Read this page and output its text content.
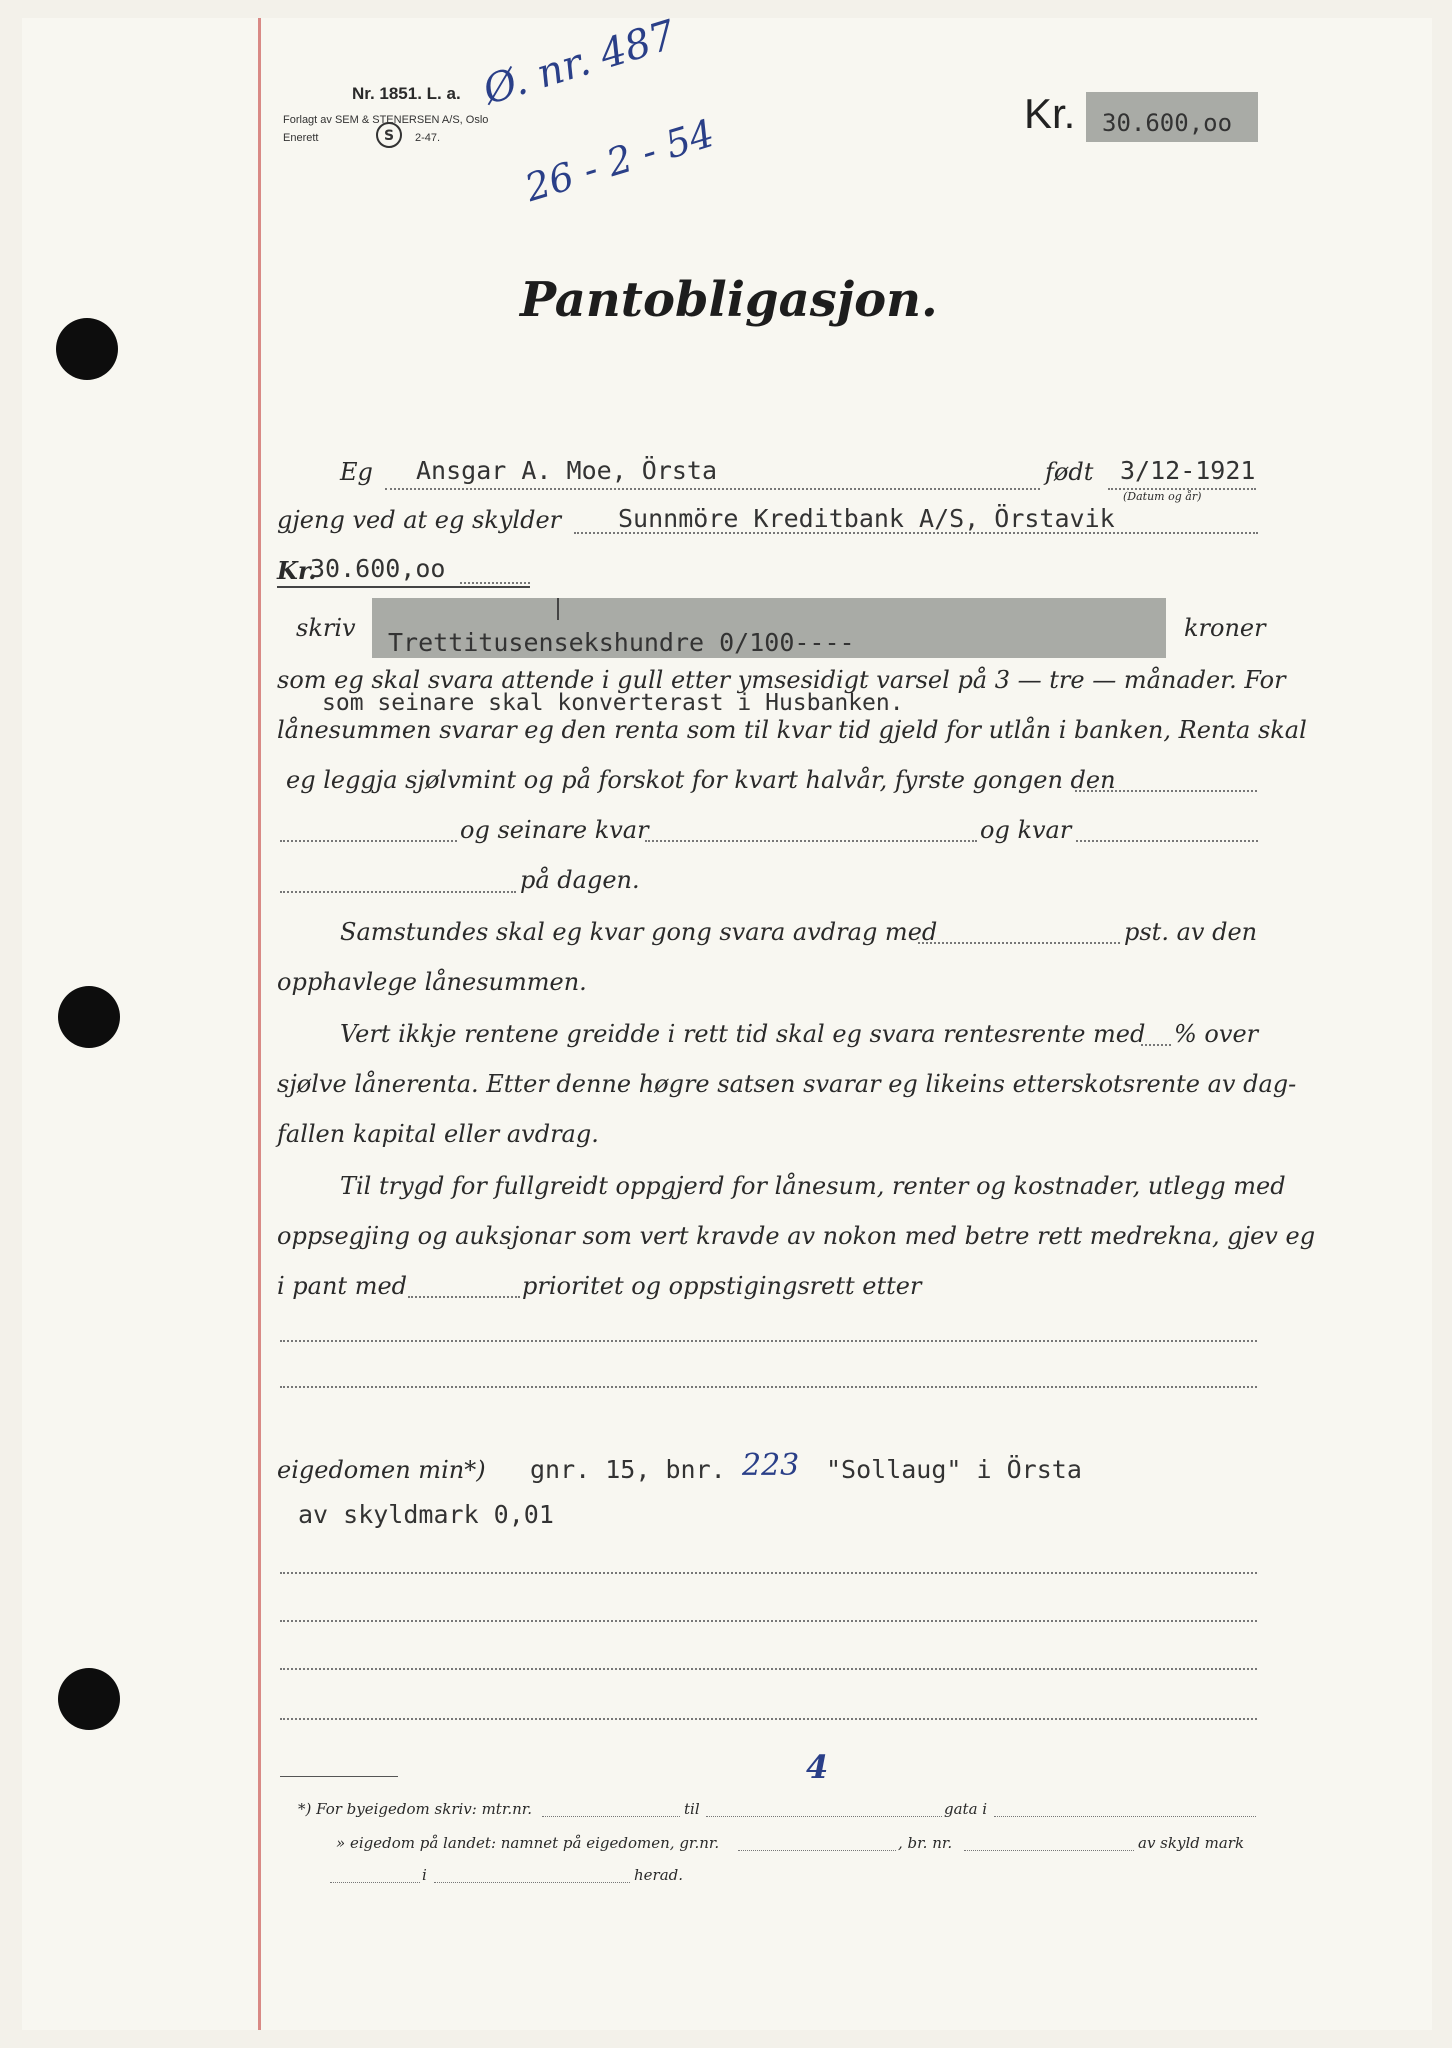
Nr. 1851. L. a.
Forlagt av SEM & STENERSEN A/S, Oslo
Enerett	S 2-47.
Ø. nr. 487
26 - 2 - 54	Kr. 30.600,oo
Pantobligasjon.
Eg Ansgar A. Moe, Örsta	født 3/12-1921
(Datum og år)
gjeng ved at eg skylder Sunnmöre Kreditbank A/S, Örstavik
Kr.
30.600,oo
skriv Trettitusensekshundre 0/100----	kroner
som eg skal svara attende i gull etter ymsesidigt varsel på 3 — tre — månader. For
som seinare skal konverterast i Husbanken.
lånesummen svarar eg den renta som til kvar tid gjeld for utlån i banken, Renta skal
eg leggja sjølvmint og på forskot for kvart halvår, fyrste gongen den
og seinare kvar	og kvar
på dagen.
Samstundes skal eg kvar gong svara avdrag med	pst. av den
opphavlege lånesummen.
Vert ikkje rentene greidde i rett tid skal eg svara rentesrente med % over
sjølve lånerenta. Etter denne høgre satsen svarar eg likeins etterskotsrente av dag-
fallen kapital eller avdrag.
Til trygd for fullgreidt oppgjerd for lånesum, renter og kostnader, utlegg med
oppsegjing og auksjonar som vert kravde av nokon med betre rett medrekna, gjev eg
i pant med	prioritet og oppstigingsrett etter
eigedomen min*) gnr. 15, bnr. 223 "Sollaug" i Örsta
av skyldmark 0,01
4
*) For byeigedom skriv: mtr.nr.	til	gata i
» eigedom på landet: namnet på eigedomen, gr.nr.	, br. nr.	av skyld mark
i	herad.
